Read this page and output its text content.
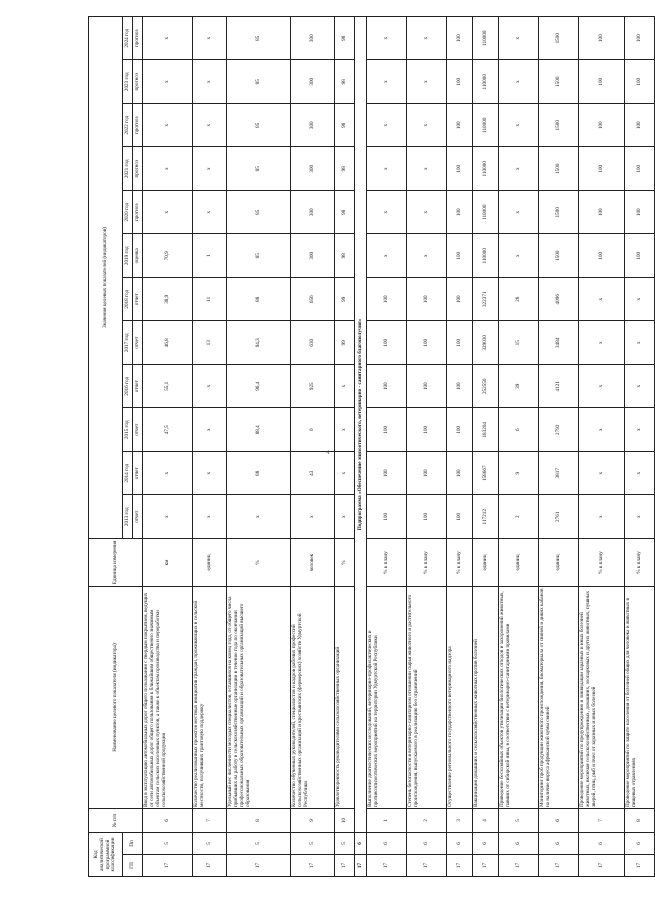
4
Код аналитической программной классификации		№ п/п	Наименование целевого показателя (индикатора)	Единица измерения	Значения целевых показателей (индикаторов)											
ГП	Пп				2013 год	2014 год	2015 год	2016 год	2017 год	2018 год	2019 год	2020 год	2021 год	2022 год	2023 год	2024 год
					отчет	отчет	отчет	отчет	отчет	отчет	оценка	прогноз	прогноз	прогноз	прогноз	прогноз
17	5	6	Ввод в эксплуатацию автомобильных дорог общего пользования с твердым покрытием, ведущих от сети автомобильных дорог общего пользования к ближайшим общественно значимым объектам сельских населенных пунктов, а также к объектам производства и переработки сельскохозяйственной продукции	км	х	х	47,5	55,1	46,8	38,9	70,9	х	х	х	х	х
17	5	7	Количество реализованных проектов местных инициатив граждан, проживающих в сельской местности, получивших грантовую поддержку	единиц	х	х	х	х	13	11	1	х	х	х	х	х
17	5	8	Удельный вес численности молодых специалистов, оставшихся на конец года, от общего числа прибывших на работу в сельскохозяйственные организации в течение года по окончании профессиональных образовательных организаций и образовательных организаций высшего образования	%	х	88	88,4	96,4	94,3	88	85	85	85	85	85	85
17	5	9	Количество обученных руководителей, специалистов и кадров рабочих профессий сельскохозяйственных организаций и крестьянских (фермерских) хозяйств Удмуртской Республики	человек	х	43	0	925	630	656	300	300	300	300	300	300
17	5	10	Удовлетворенность руководителями сельскохозяйственных организаций	%	х	х	х	х	99	99	98	98	98	98	98	98
17	6	Подпрограмма «Обеспечение эпизоотического, ветеринарно - санитарного благополучия»														
17	6	1	Выполнение диагностических исследований, ветеринарно-профилактических и противоэпизоотических мероприятий на территории Удмуртской Республики	% к плану	100	100	100	100	100	100	х	х	х	х	х	х
17	6	2	Степень безопасности в ветеринарно-санитарном отношении сырья животного и растительного происхождения, выпускаемого в реализацию без ограничений	% к плану	100	100	100	100	100	100	х	х	х	х	х	х
17	6	3	Осуществление регионального государственного ветеринарного надзора	% к плану	100	100	100	100	100	100	100	100	100	100	100	100
17	6	4	Вакцинация домашних и сельскохозяйственных животных против болезней	единиц	117212	158667	183204	252550	329030	322371	110000	110000	110000	110000	110000	110000
17	6	5	Приведение бесхозяйных объектов утилизации биологических отходов и захоронений животных, павших от сибирской язвы, в соответствие с ветеринарно-санитарными правилами	единиц	2	9	6	39	15	28	х	х	х	х	х	х
17	6	6	Мониторинг проб продукции животного происхождения, биоматериала от свиней и диких кабанов на наличие вируса африканской чумы свиней	единиц	2761	3817	2792	4121	3484	4096	1500	1500	1500	1500	1500	1500
17	6	7	Проведение мероприятий по предупреждению и ликвидации заразных и иных болезней животных, включая сельскохозяйственных, домашних, зоопарковых и других животных, пушных зверей, птиц, рыб и пчел от заразных и иных болезней	% к плану	х	х	х	х	х	х	100	100	100	100	100	100
17	6	8	Проведение мероприятий по защите населения от болезней общих для человека и животных в пищевых отравлениях	% к плану	х	х	х	х	х	х	100	100	100	100	100	100
